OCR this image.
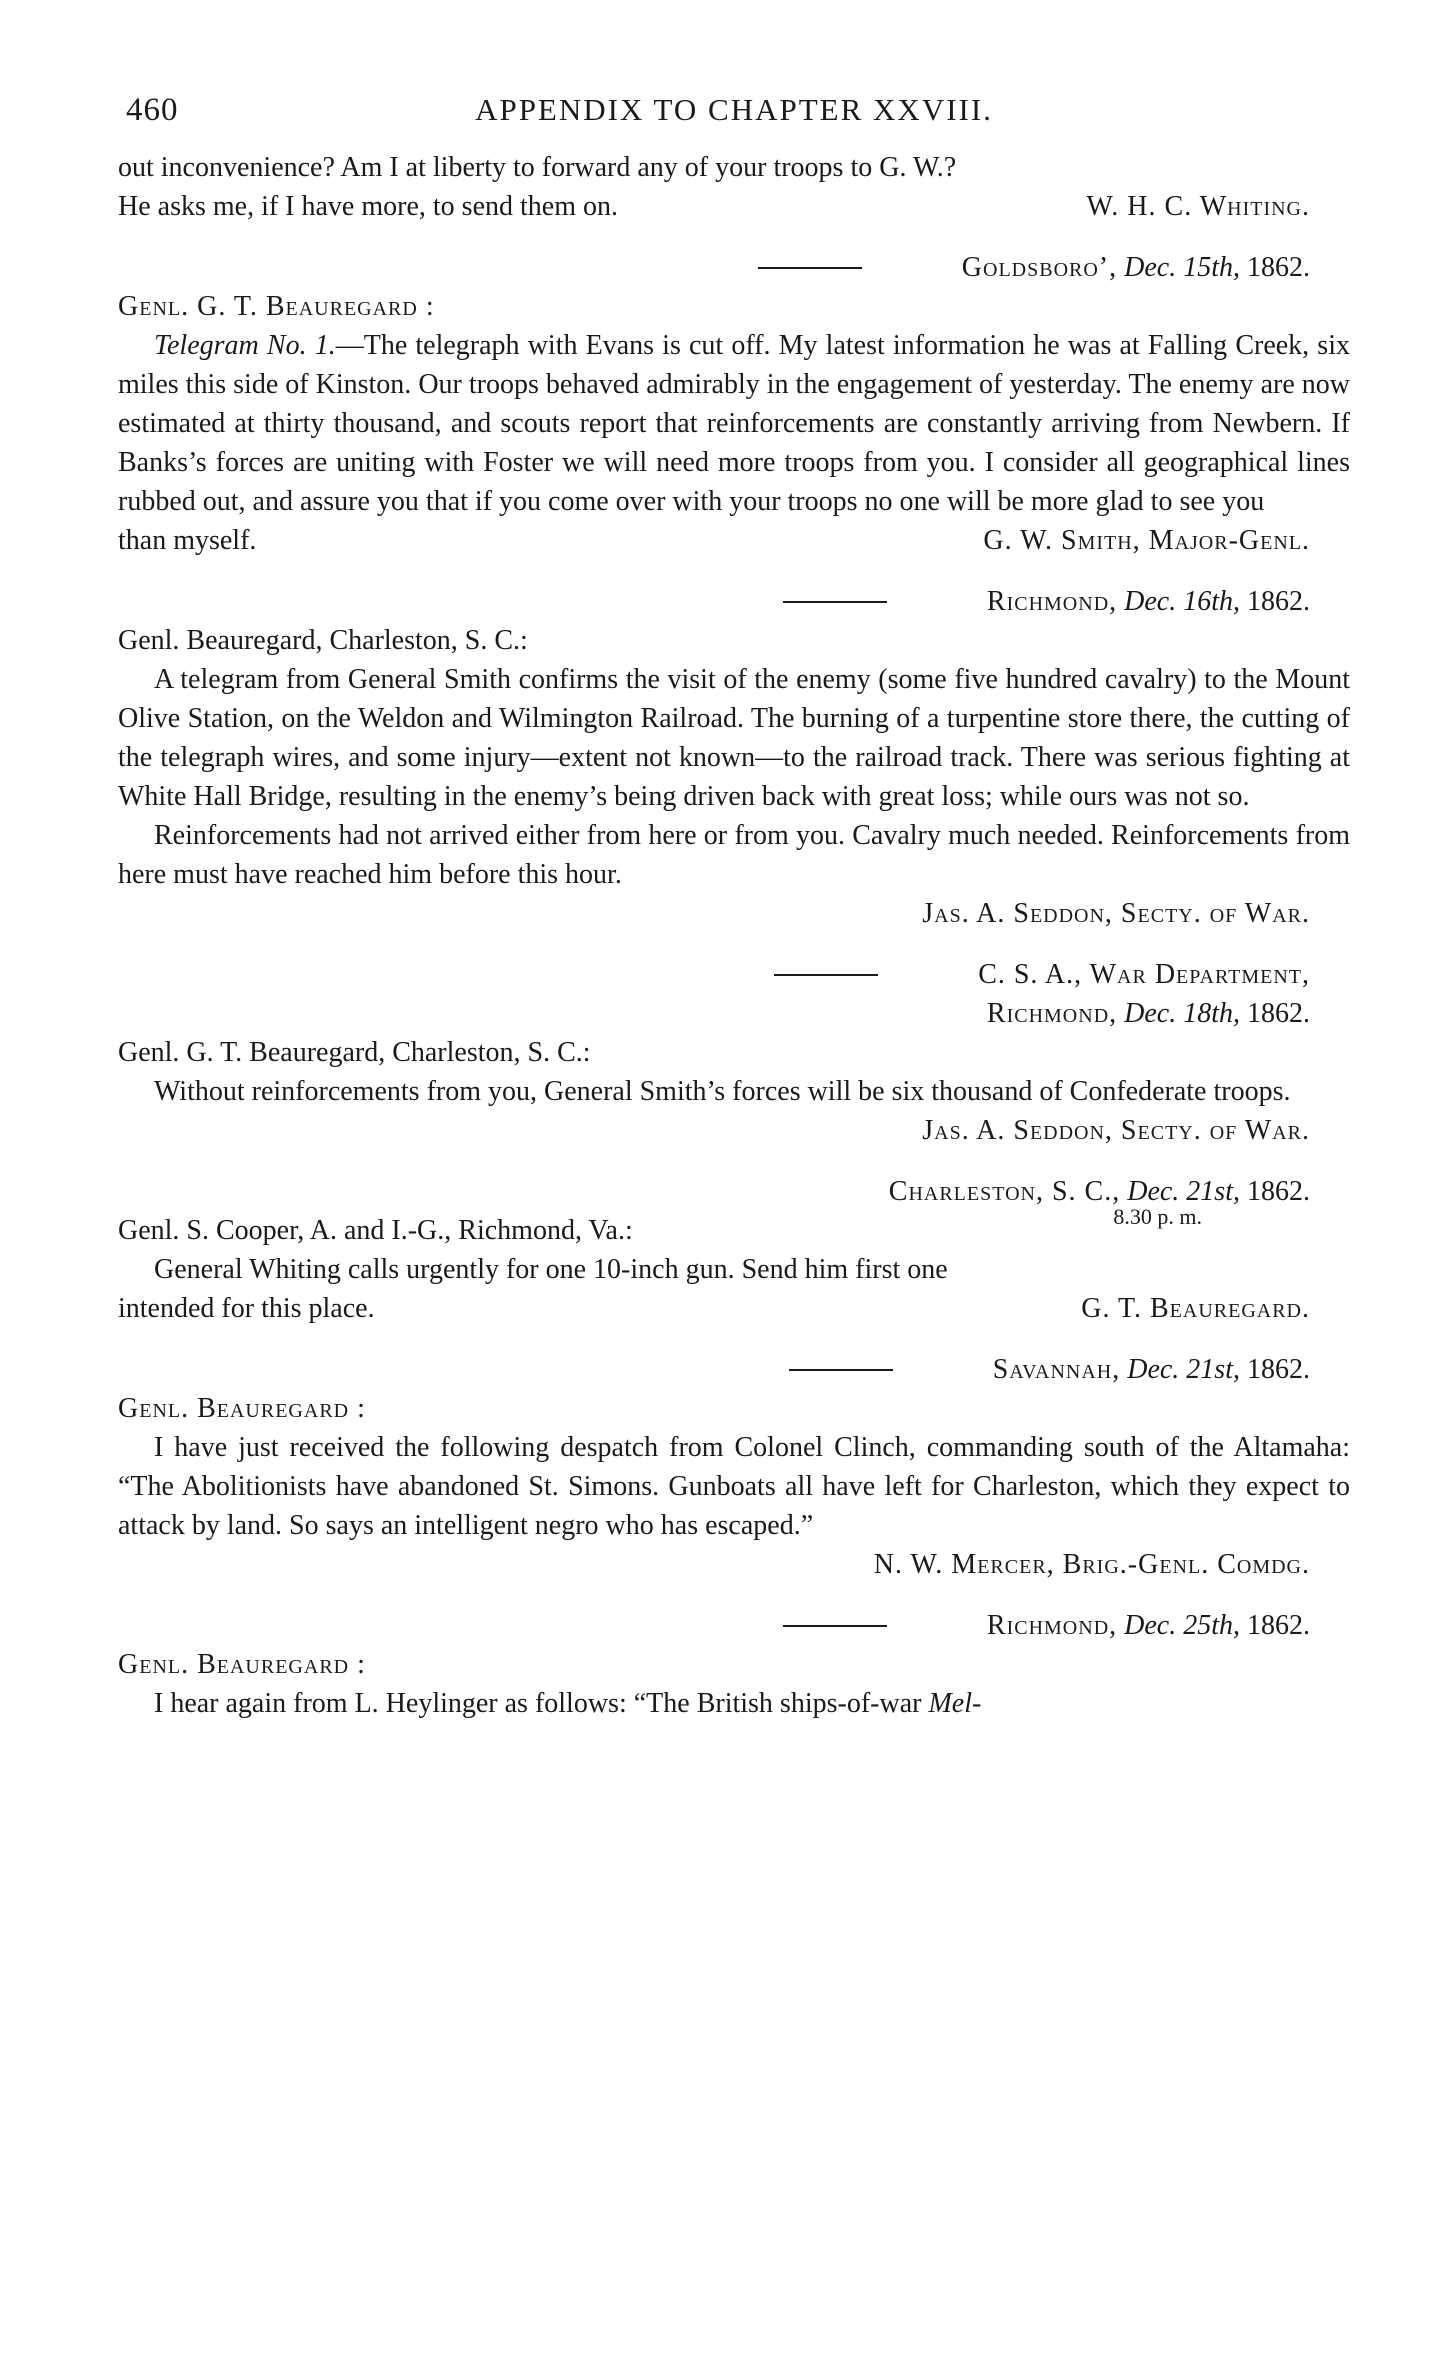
460	APPENDIX TO CHAPTER XXVIII.

out inconvenience? Am I at liberty to forward any of your troops to G. W.?

He asks me, if I have more, to send them on.	W. H. C. Whiting.
Goldsboro’,
Dec. 15th,
1862.
Genl. G. T. Beauregard :

Telegram No. 1.—The telegraph with Evans is cut off. My latest information he was at Falling Creek, six miles this side of Kinston. Our troops behaved admirably in the engagement of yesterday. The enemy are now estimated at thirty thousand, and scouts report that reinforcements are constantly arriving from Newbern. If Banks’s forces are uniting with Foster we will need more troops from you. I consider all geographical lines rubbed out, and assure you that if you come over with your troops no one will be more glad to see you

than myself.	G. W. Smith, Major-Genl.
Richmond,
Dec. 16th,
1862.
Genl. Beauregard, Charleston, S. C.:

A telegram from General Smith confirms the visit of the enemy (some five hundred cavalry) to the Mount Olive Station, on the Weldon and Wilmington Railroad. The burning of a turpentine store there, the cutting of the telegraph wires, and some injury—extent not known—to the railroad track. There was serious fighting at White Hall Bridge, resulting in the enemy’s being driven back with great loss; while ours was not so.

Reinforcements had not arrived either from here or from you. Cavalry much needed. Reinforcements from here must have reached him before this hour.

Jas. A. Seddon, Secty. of War.
C. S. A., War Department,
Richmond, Dec. 18th, 1862.
Genl. G. T. Beauregard, Charleston, S. C.:

Without reinforcements from you, General Smith’s forces will be six thousand of Confederate troops.

Jas. A. Seddon, Secty. of War.
Charleston, S. C., Dec. 21st, 1862.
Genl. S. Cooper, A. and I.-G., Richmond, Va.:	8.30 p. m.

General Whiting calls urgently for one 10-inch gun. Send him first one

intended for this place.	G. T. Beauregard.
Savannah,
Dec. 21st,
1862.
Genl. Beauregard :

I have just received the following despatch from Colonel Clinch, commanding south of the Altamaha: “The Abolitionists have abandoned St. Simons. Gunboats all have left for Charleston, which they expect to attack by land. So says an intelligent negro who has escaped.”

N. W. Mercer, Brig.-Genl. Comdg.
Richmond,
Dec. 25th,
1862.
Genl. Beauregard :

I hear again from L. Heylinger as follows: “The British ships-of-war Mel-
